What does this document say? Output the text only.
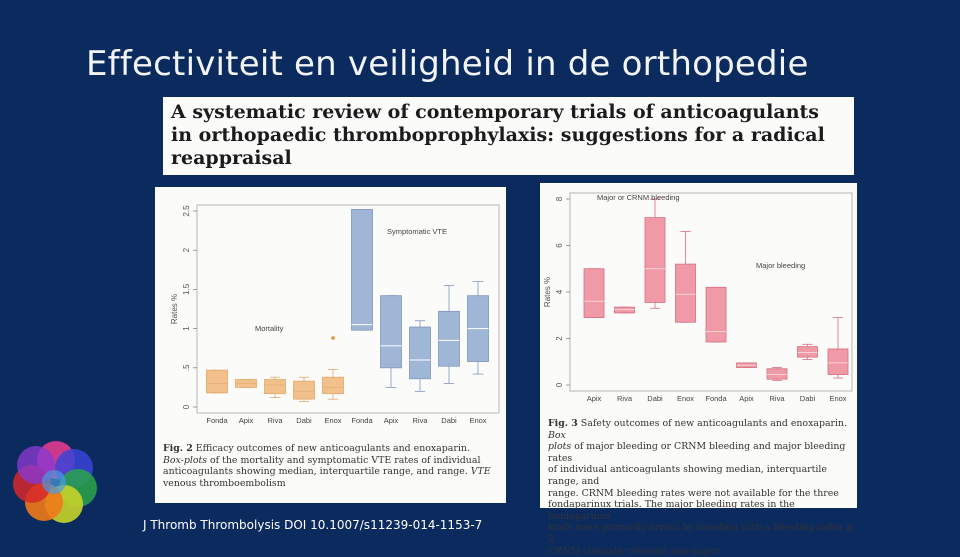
Effectiviteit en veiligheid in de orthopedie
A systematic review of contemporary trials of anticoagulants
in orthopaedic thromboprophylaxis: suggestions for a radical
reappraisal
0
.5
1
1.5
2
2.5
Rates %
Fonda Apix Riva Dabi Enox Fonda Apix Riva Dabi Enox
Mortality
Symptomatic VTE
Fig. 2 Efficacy outcomes of new anticoagulants and enoxaparin.
Box-plots of the mortality and symptomatic VTE rates of individual
anticoagulants showing median, interquartile range, and range. VTE
venous thromboembolism
0
2
4
6
8
Rates %
Apix Riva Dabi Enox Fonda Apix Riva Dabi Enox
Major or CRNM bleeding
Major bleeding
Fig. 3 Safety outcomes of new anticoagulants and enoxaparin. Box
plots of major bleeding or CRNM bleeding and major bleeding rates
of individual anticoagulants showing median, interquartile range, and
range. CRNM bleeding rates were not available for the three
fondaparinux trials. The major bleeding rates in the fondaparinux
trials were primarily driven by bleeding with a bleeding index ≥ 2.
CRNM clinically relevant non-major
J Thromb Thrombolysis DOI 10.1007/s11239-014-1153-7
